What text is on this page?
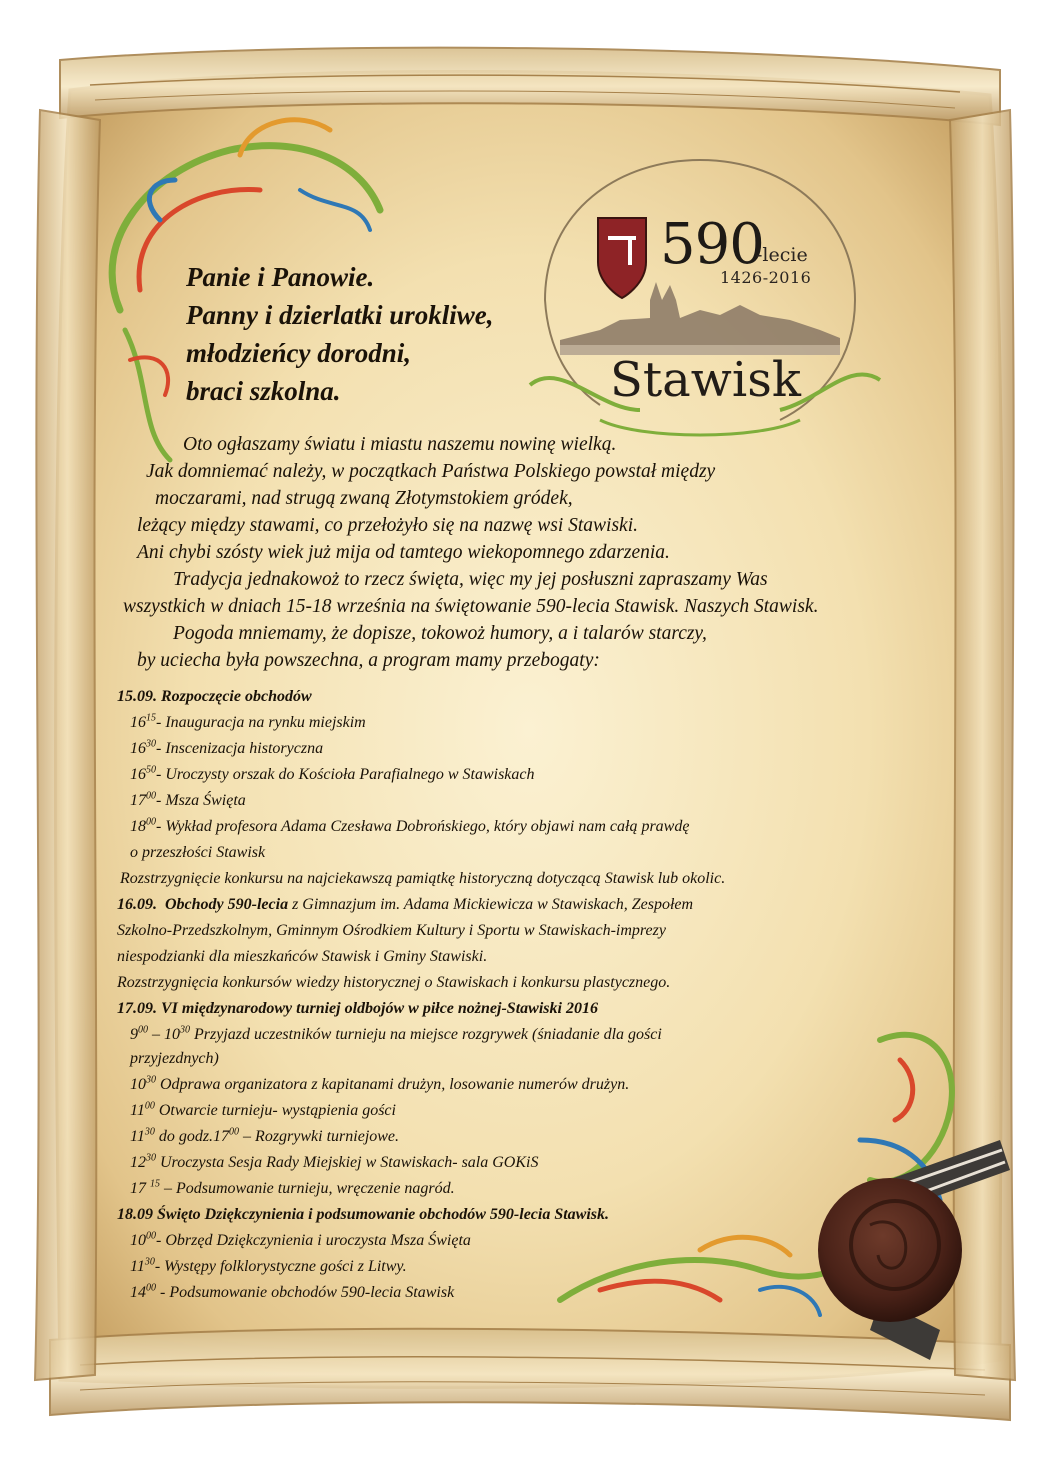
590
-lecie
1426-2016
Stawisk
Panie i Panowie.
Panny i dzierlatki urokliwe,
młodzieńcy dorodni,
braci szkolna.
Oto ogłaszamy światu i miastu naszemu nowinę wielką.
Jak domniemać należy, w początkach Państwa Polskiego powstał między
moczarami, nad strugą zwaną Złotymstokiem gródek,
leżący między stawami, co przełożyło się na nazwę wsi Stawiski.
Ani chybi szósty wiek już mija od tamtego wiekopomnego zdarzenia.
Tradycja jednakowoż to rzecz święta, więc my jej posłuszni zapraszamy Was
wszystkich w dniach 15-18 września na świętowanie 590-lecia Stawisk. Naszych Stawisk.
Pogoda mniemamy, że dopisze, tokowoż humory, a i talarów starczy,
by uciecha była powszechna, a program mamy przebogaty:
15.09. Rozpoczęcie obchodów
$16^{15}-$ Inauguracja na rynku miejskim
$16^{30}-$ Inscenizacja historyczna
$16^{50}-$ Uroczysty orszak do Kościoła Parafialnego w Stawiskach
$17^{00}-$ Msza Święta
$18^{00}-$ Wykład profesora Adama Czesława Dobrońskiego, który objawi nam całą prawdę
o przeszłości Stawisk
Rozstrzygnięcie konkursu na najciekawszą pamiątkę historyczną dotyczącą Stawisk lub okolic.
16.09. Obchody 590-lecia z Gimnazjum im. Adama Mickiewicza w Stawiskach, Zespołem
Szkolno-Przedszkolnym, Gminnym Ośrodkiem Kultury i Sportu w Stawiskach-imprezy
niespodzianki dla mieszkańców Stawisk i Gminy Stawiski.
Rozstrzygnięcia konkursów wiedzy historycznej o Stawiskach i konkursu plastycznego.
17.09. VI międzynarodowy turniej oldbojów w piłce nożnej-Stawiski 2016
$9^{00} - 10^{30}$ Przyjazd uczestników turnieju na miejsce rozgrywek (śniadanie dla gości
przyjezdnych)
$10^{30}$ Odprawa organizatora z kapitanami drużyn, losowanie numerów drużyn.
$11^{00}$ Otwarcie turnieju- wystąpienia gości
$11^{30}$ do $godz.17^{00}$ – Rozgrywki turniejowe.
$12^{30}$ Uroczysta Sesja Rady Miejskiej w Stawiskach- sala GOKiS
17 $^{15}$ – Podsumowanie turnieju, wręczenie nagród.
18.09 Święto Dziękczynienia i podsumowanie obchodów 590-lecia Stawisk.
$10^{00}-$ Obrzęd Dziękczynienia i uroczysta Msza Święta
$11^{30}-$ Występy folklorystyczne gości z Litwy.
$14^{00}$ - Podsumowanie obchodów 590-lecia Stawisk
